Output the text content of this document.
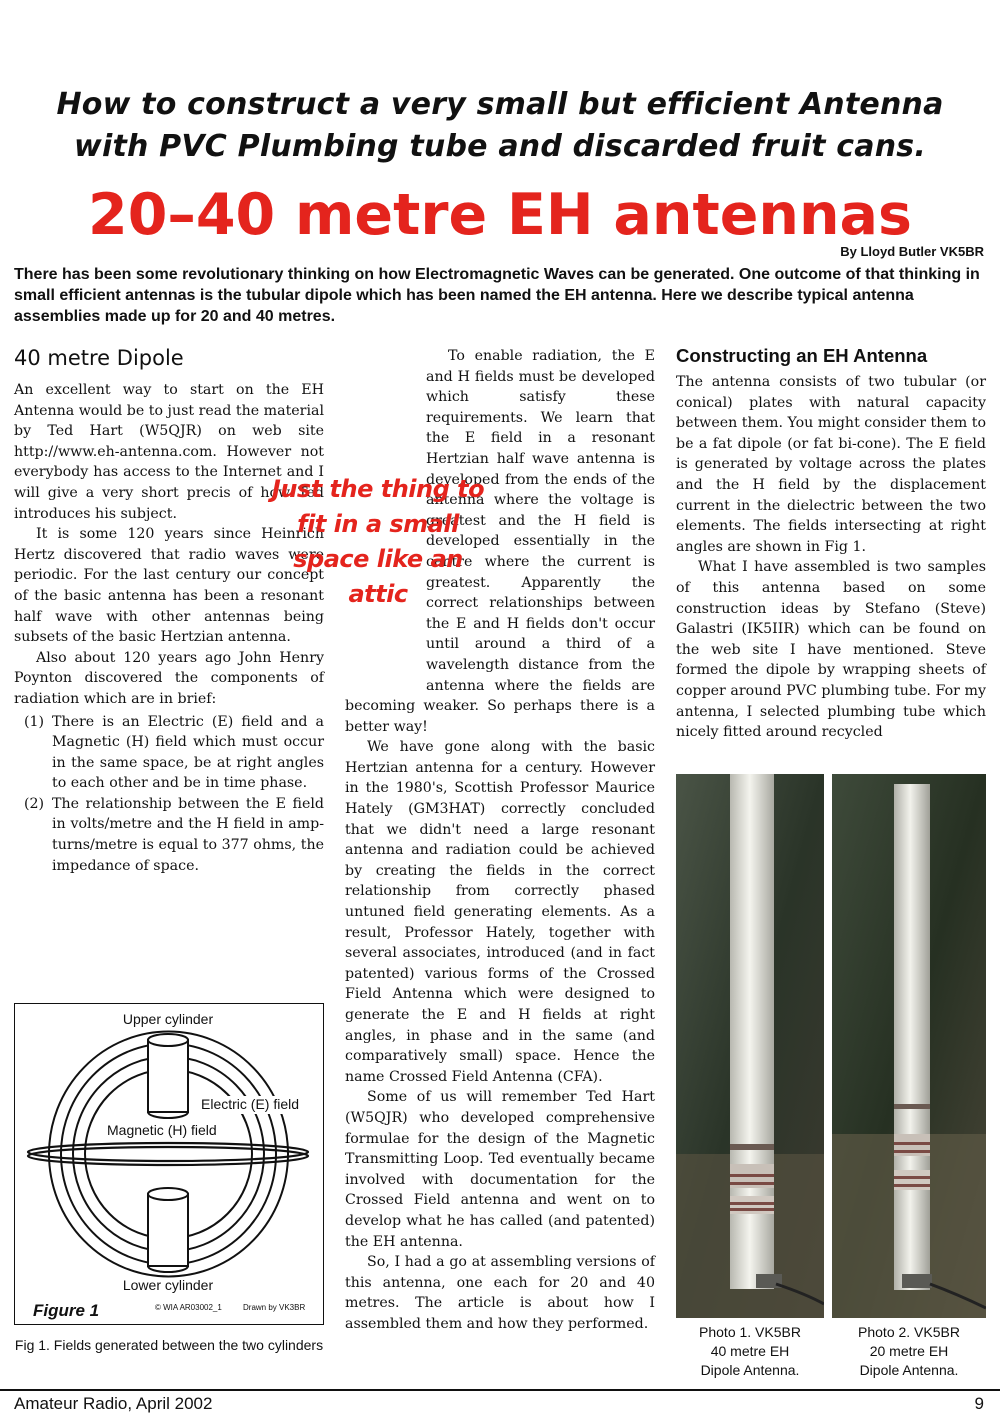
How to construct a very small but efficient Antenna with PVC Plumbing tube and discarded fruit cans.
20–40 metre EH antennas
By Lloyd Butler VK5BR
There has been some revolutionary thinking on how Electromagnetic Waves can be generated. One outcome of that thinking in small efficient antennas is the tubular dipole which has been named the EH antenna. Here we describe typical antenna assemblies made up for 20 and 40 metres.
40 metre Dipole

An excellent way to start on the EH Antenna would be to just read the material by Ted Hart (W5QJR) on web site http://www.eh-antenna.com. However not everybody has access to the Internet and I will give a very short precis of how Ted introduces his subject.

It is some 120 years since Heinrich Hertz discovered that radio waves were periodic. For the last century our concept of the basic antenna has been a resonant half wave with other antennas being subsets of the basic Hertzian antenna.

Also about 120 years ago John Henry Poynton discovered the components of radiation which are in brief:

(1) There is an Electric (E) field and a Magnetic (H) field which must occur in the same space, be at right angles to each other and be in time phase.
(2) The relationship between the E field in volts/metre and the H field in amp-turns/metre is equal to 377 ohms, the impedance of space.

To enable radiation, the E and H fields must be developed which satisfy these requirements. We learn that the E field in a resonant Hertzian half wave antenna is developed from the ends of the antenna where the voltage is greatest and the H field is developed essentially in the centre where the current is greatest. Apparently the correct relationships between the E and H fields don't occur until around a third of a wavelength distance from the antenna where the fields are becoming weaker. So perhaps there is a better way!

We have gone along with the basic Hertzian antenna for a century. However in the 1980's, Scottish Professor Maurice Hately (GM3HAT) correctly concluded that we didn't need a large resonant antenna and radiation could be achieved by creating the fields in the correct relationship from correctly phased untuned field generating elements. As a result, Professor Hately, together with several associates, introduced (and in fact patented) various forms of the Crossed Field Antenna which were designed to generate the E and H fields at right angles, in phase and in the same (and comparatively small) space. Hence the name Crossed Field Antenna (CFA).

Some of us will remember Ted Hart (W5QJR) who developed comprehensive formulae for the design of the Magnetic Transmitting Loop. Ted eventually became involved with documentation for the Crossed Field antenna and went on to develop what he has called (and patented) the EH antenna.

So, I had a go at assembling versions of this antenna, one each for 20 and 40 metres. The article is about how I assembled them and how they performed.

Just the thing to fit in a small space like an attic
Constructing an EH Antenna

The antenna consists of two tubular (or conical) plates with natural capacity between them. You might consider them to be a fat dipole (or fat bi-cone). The E field is generated by voltage across the plates and the H field by the displacement current in the dielectric between the two elements. The fields intersecting at right angles are shown in Fig 1.

What I have assembled is two samples of this antenna based on some construction ideas by Stefano (Steve) Galastri (IK5IIR) which can be found on the web site I have mentioned. Steve formed the dipole by wrapping sheets of copper around PVC plumbing tube. For my antenna, I selected plumbing tube which nicely fitted around recycled

Upper cylinder
Electric (E) field
Magnetic (H) field
Lower cylinder
Figure 1	© WIA AR03002_1	Drawn by VK3BR
Fig 1. Fields generated between the two cylinders
Photo 1. VK5BR
40 metre EH
Dipole Antenna.
Photo 2. VK5BR
20 metre EH
Dipole Antenna.
Amateur Radio, April 2002	9
